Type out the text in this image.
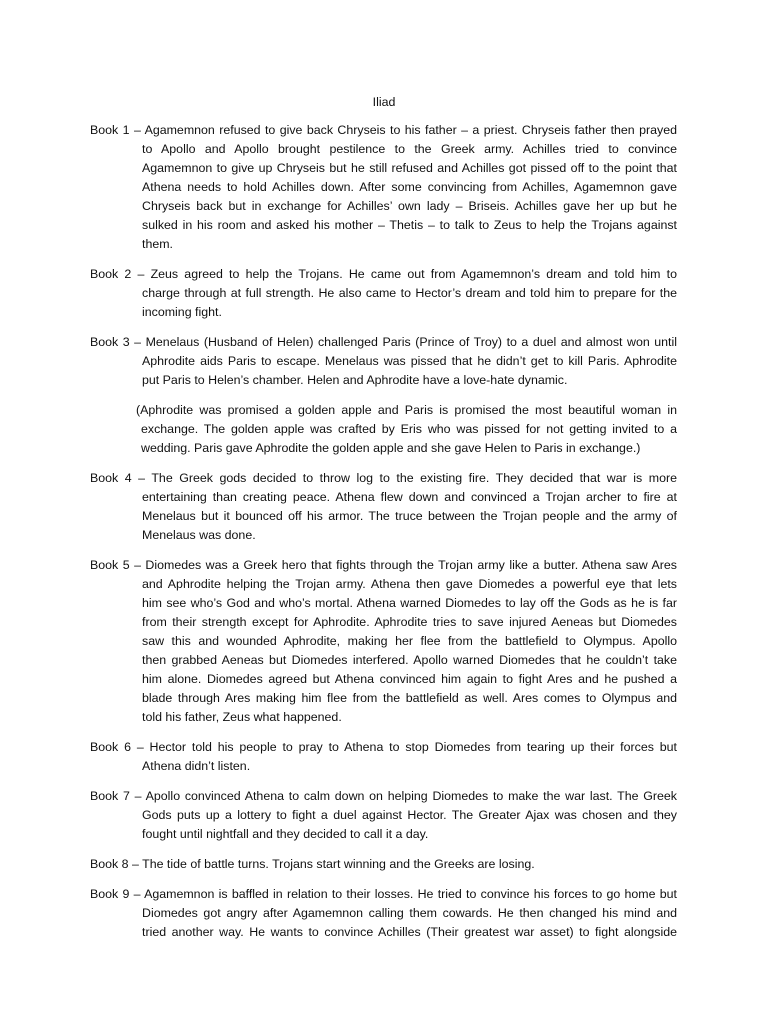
Iliad
Book 1 – Agamemnon refused to give back Chryseis to his father – a priest. Chryseis father then prayed
to Apollo and Apollo brought pestilence to the Greek army. Achilles tried to convince
Agamemnon to give up Chryseis but he still refused and Achilles got pissed off to the point that
Athena needs to hold Achilles down. After some convincing from Achilles, Agamemnon gave
Chryseis back but in exchange for Achilles’ own lady – Briseis. Achilles gave her up but he
sulked in his room and asked his mother – Thetis – to talk to Zeus to help the Trojans against
them.
Book 2 – Zeus agreed to help the Trojans. He came out from Agamemnon’s dream and told him to
charge through at full strength. He also came to Hector’s dream and told him to prepare for the
incoming fight.
Book 3 – Menelaus (Husband of Helen) challenged Paris (Prince of Troy) to a duel and almost won until
Aphrodite aids Paris to escape. Menelaus was pissed that he didn’t get to kill Paris. Aphrodite
put Paris to Helen’s chamber. Helen and Aphrodite have a love-hate dynamic.
(Aphrodite was promised a golden apple and Paris is promised the most beautiful woman in
exchange. The golden apple was crafted by Eris who was pissed for not getting invited to a
wedding. Paris gave Aphrodite the golden apple and she gave Helen to Paris in exchange.)
Book 4 – The Greek gods decided to throw log to the existing fire. They decided that war is more
entertaining than creating peace. Athena flew down and convinced a Trojan archer to fire at
Menelaus but it bounced off his armor. The truce between the Trojan people and the army of
Menelaus was done.
Book 5 – Diomedes was a Greek hero that fights through the Trojan army like a butter. Athena saw Ares
and Aphrodite helping the Trojan army. Athena then gave Diomedes a powerful eye that lets
him see who’s God and who’s mortal. Athena warned Diomedes to lay off the Gods as he is far
from their strength except for Aphrodite. Aphrodite tries to save injured Aeneas but Diomedes
saw this and wounded Aphrodite, making her flee from the battlefield to Olympus. Apollo
then grabbed Aeneas but Diomedes interfered. Apollo warned Diomedes that he couldn’t take
him alone. Diomedes agreed but Athena convinced him again to fight Ares and he pushed a
blade through Ares making him flee from the battlefield as well. Ares comes to Olympus and
told his father, Zeus what happened.
Book 6 – Hector told his people to pray to Athena to stop Diomedes from tearing up their forces but
Athena didn’t listen.
Book 7 – Apollo convinced Athena to calm down on helping Diomedes to make the war last. The Greek
Gods puts up a lottery to fight a duel against Hector. The Greater Ajax was chosen and they
fought until nightfall and they decided to call it a day.
Book 8 – The tide of battle turns. Trojans start winning and the Greeks are losing.
Book 9 – Agamemnon is baffled in relation to their losses. He tried to convince his forces to go home but
Diomedes got angry after Agamemnon calling them cowards. He then changed his mind and
tried another way. He wants to convince Achilles (Their greatest war asset) to fight alongside
